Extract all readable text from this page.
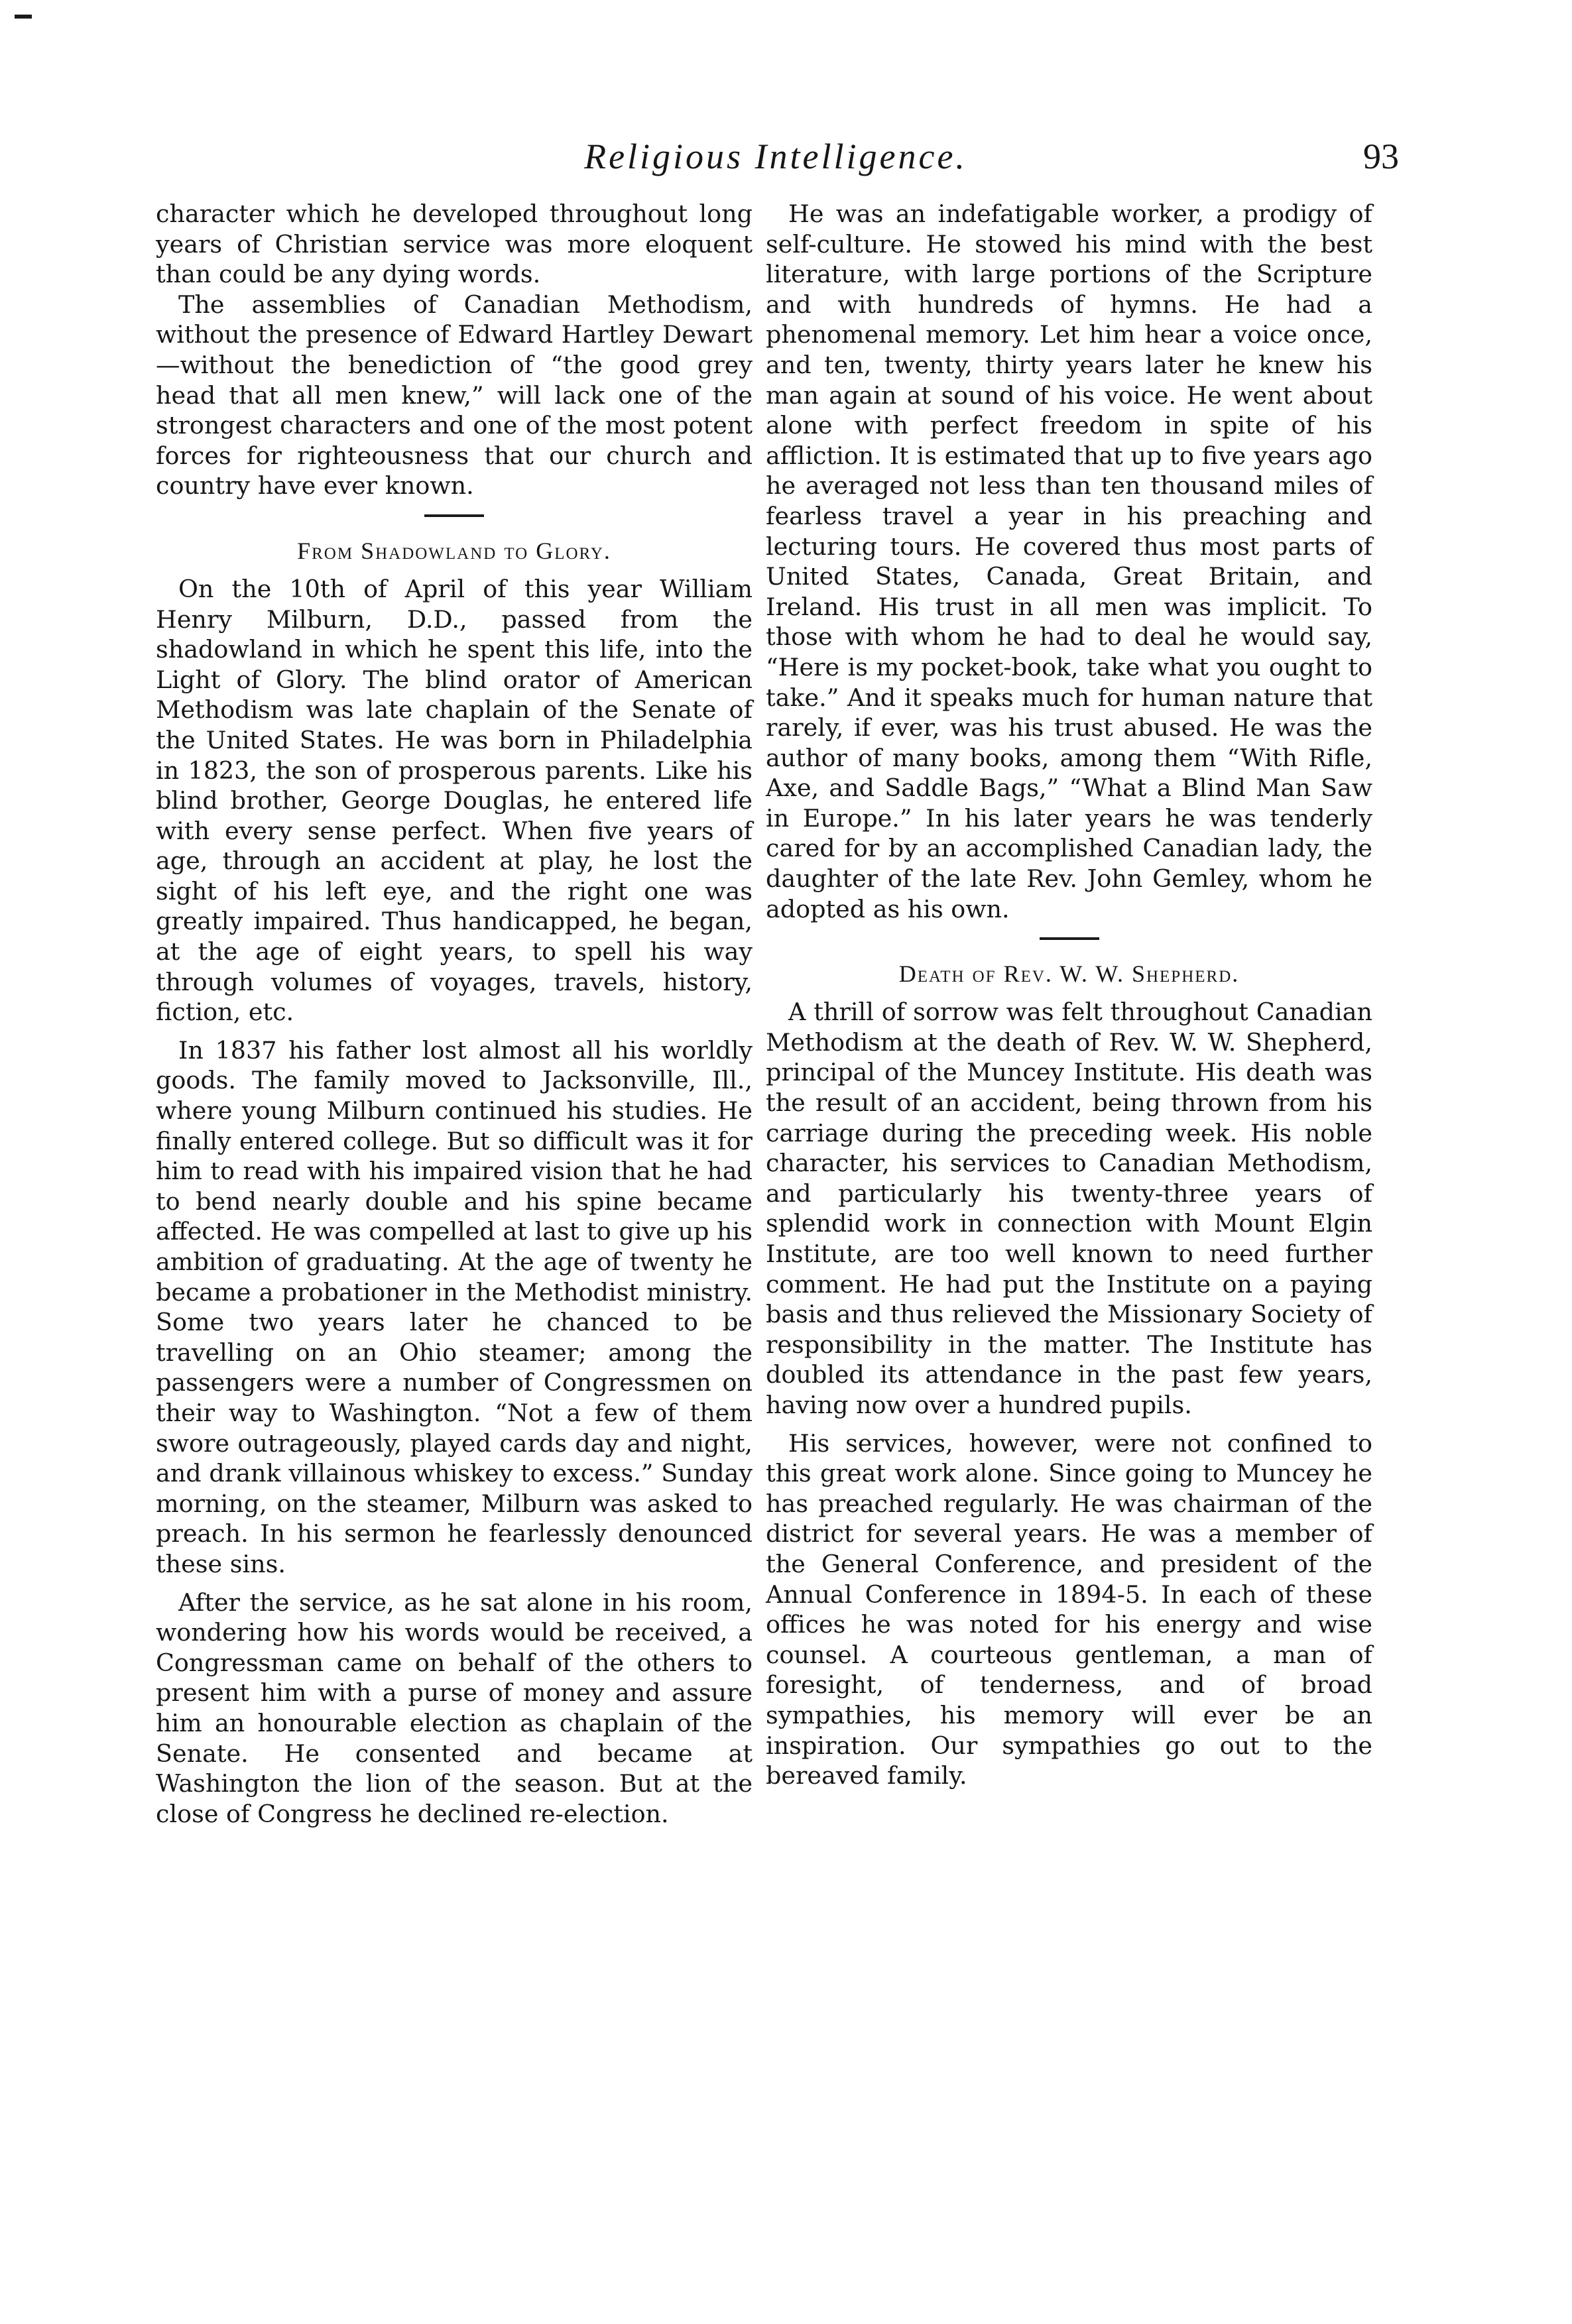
Religious Intelligence.	93

character which he developed throughout long years of Christian service was more eloquent than could be any dying words.

The assemblies of Canadian Methodism, without the presence of Edward Hartley Dewart—without the benediction of “the good grey head that all men knew,” will lack one of the strongest characters and one of the most potent forces for righteousness that our church and country have ever known.

From Shadowland to Glory.

On the 10th of April of this year William Henry Milburn, D.D., passed from the shadowland in which he spent this life, into the Light of Glory. The blind orator of American Methodism was late chaplain of the Senate of the United States. He was born in Philadelphia in 1823, the son of prosperous parents. Like his blind brother, George Douglas, he entered life with every sense perfect. When five years of age, through an accident at play, he lost the sight of his left eye, and the right one was greatly impaired. Thus handicapped, he began, at the age of eight years, to spell his way through volumes of voyages, travels, history, fiction, etc.

In 1837 his father lost almost all his worldly goods. The family moved to Jacksonville, Ill., where young Milburn continued his studies. He finally entered college. But so difficult was it for him to read with his impaired vision that he had to bend nearly double and his spine became affected. He was compelled at last to give up his ambition of graduating. At the age of twenty he became a probationer in the Methodist ministry. Some two years later he chanced to be travelling on an Ohio steamer; among the passengers were a number of Congressmen on their way to Washington. “Not a few of them swore outrageously, played cards day and night, and drank villainous whiskey to excess.” Sunday morning, on the steamer, Milburn was asked to preach. In his sermon he fearlessly denounced these sins.

After the service, as he sat alone in his room, wondering how his words would be received, a Congressman came on behalf of the others to present him with a purse of money and assure him an honourable election as chaplain of the Senate. He consented and became at Washington the lion of the season. But at the close of Congress he declined re-election.

He was an indefatigable worker, a prodigy of self-culture. He stowed his mind with the best literature, with large portions of the Scripture and with hundreds of hymns. He had a phenomenal memory. Let him hear a voice once, and ten, twenty, thirty years later he knew his man again at sound of his voice. He went about alone with perfect freedom in spite of his affliction. It is estimated that up to five years ago he averaged not less than ten thousand miles of fearless travel a year in his preaching and lecturing tours. He covered thus most parts of United States, Canada, Great Britain, and Ireland. His trust in all men was implicit. To those with whom he had to deal he would say, “Here is my pocket-book, take what you ought to take.” And it speaks much for human nature that rarely, if ever, was his trust abused. He was the author of many books, among them “With Rifle, Axe, and Saddle Bags,” “What a Blind Man Saw in Europe.” In his later years he was tenderly cared for by an accomplished Canadian lady, the daughter of the late Rev. John Gemley, whom he adopted as his own.

Death of Rev. W. W. Shepherd.

A thrill of sorrow was felt throughout Canadian Methodism at the death of Rev. W. W. Shepherd, principal of the Muncey Institute. His death was the result of an accident, being thrown from his carriage during the preceding week. His noble character, his services to Canadian Methodism, and particularly his twenty-three years of splendid work in connection with Mount Elgin Institute, are too well known to need further comment. He had put the Institute on a paying basis and thus relieved the Missionary Society of responsibility in the matter. The Institute has doubled its attendance in the past few years, having now over a hundred pupils.

His services, however, were not confined to this great work alone. Since going to Muncey he has preached regularly. He was chairman of the district for several years. He was a member of the General Conference, and president of the Annual Conference in 1894-5. In each of these offices he was noted for his energy and wise counsel. A courteous gentleman, a man of foresight, of tenderness, and of broad sympathies, his memory will ever be an inspiration. Our sympathies go out to the bereaved family.
